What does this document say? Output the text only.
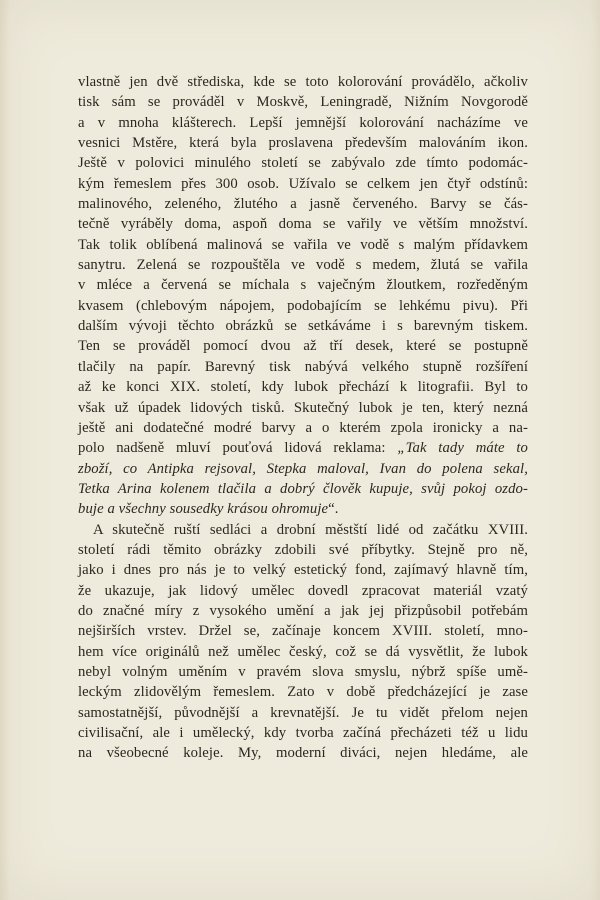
vlastně jen dvě střediska, kde se toto kolorování provádělo, ačkoliv
tisk sám se prováděl v Moskvě, Leningradě, Nižním Novgorodě
a v mnoha klášterech. Lepší jemnější kolorování nacházíme ve
vesnici Mstěre, která byla proslavena především malováním ikon.
Ještě v polovici minulého století se zabývalo zde tímto podomác-
kým řemeslem přes 300 osob. Užívalo se celkem jen čtyř odstínů:
malinového, zeleného, žlutého a jasně červeného. Barvy se čás-
tečně vyráběly doma, aspoň doma se vařily ve větším množství.
Tak tolik oblíbená malinová se vařila ve vodě s malým přídavkem
sanytru. Zelená se rozpouštěla ve vodě s medem, žlutá se vařila
v mléce a červená se míchala s vaječným žloutkem, rozředěným
kvasem (chlebovým nápojem, podobajícím se lehkému pivu). Při
dalším vývoji těchto obrázků se setkáváme i s barevným tiskem.
Ten se prováděl pomocí dvou až tří desek, které se postupně
tlačily na papír. Barevný tisk nabývá velkého stupně rozšíření
až ke konci XIX. století, kdy lubok přechází k litografii. Byl to
však už úpadek lidových tisků. Skutečný lubok je ten, který nezná
ještě ani dodatečné modré barvy a o kterém zpola ironicky a na-
polo nadšeně mluví pouťová lidová reklama: „Tak tady máte to
zboží, co Antipka rejsoval, Stepka maloval, Ivan do polena sekal,
Tetka Arina kolenem tlačila a dobrý člověk kupuje, svůj pokoj ozdo-
buje a všechny sousedky krásou ohromuje“.
A skutečně ruští sedláci a drobní městští lidé od začátku XVIII.
století rádi těmito obrázky zdobili své příbytky. Stejně pro ně,
jako i dnes pro nás je to velký estetický fond, zajímavý hlavně tím,
že ukazuje, jak lidový umělec dovedl zpracovat materiál vzatý
do značné míry z vysokého umění a jak jej přizpůsobil potřebám
nejširších vrstev. Držel se, začínaje koncem XVIII. století, mno-
hem více originálů než umělec český, což se dá vysvětlit, že lubok
nebyl volným uměním v pravém slova smyslu, nýbrž spíše umě-
leckým zlidovělým řemeslem. Zato v době předcházející je zase
samostatnější, původnější a krevnatější. Je tu vidět přelom nejen
civilisační, ale i umělecký, kdy tvorba začíná přecházeti též u lidu
na všeobecné koleje. My, moderní diváci, nejen hledáme, ale
